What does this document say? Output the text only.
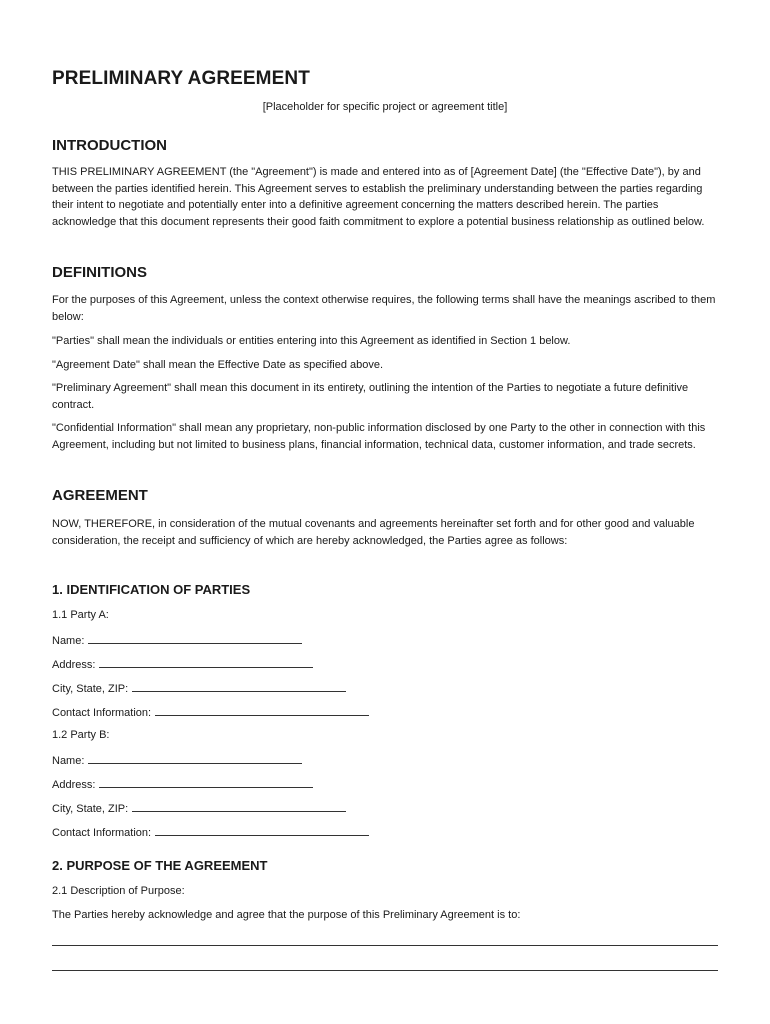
PRELIMINARY AGREEMENT
[Placeholder for specific project or agreement title]
INTRODUCTION

THIS PRELIMINARY AGREEMENT (the "Agreement") is made and entered into as of [Agreement Date] (the "Effective Date"), by and between the parties identified herein. This Agreement serves to establish the preliminary understanding between the parties regarding their intent to negotiate and potentially enter into a definitive agreement concerning the matters described herein. The parties acknowledge that this document represents their good faith commitment to explore a potential business relationship as outlined below.

DEFINITIONS

For the purposes of this Agreement, unless the context otherwise requires, the following terms shall have the meanings ascribed to them below:

"Parties" shall mean the individuals or entities entering into this Agreement as identified in Section 1 below.

"Agreement Date" shall mean the Effective Date as specified above.

"Preliminary Agreement" shall mean this document in its entirety, outlining the intention of the Parties to negotiate a future definitive contract.

"Confidential Information" shall mean any proprietary, non-public information disclosed by one Party to the other in connection with this Agreement, including but not limited to business plans, financial information, technical data, customer information, and trade secrets.

AGREEMENT

NOW, THEREFORE, in consideration of the mutual covenants and agreements hereinafter set forth and for other good and valuable consideration, the receipt and sufficiency of which are hereby acknowledged, the Parties agree as follows:

1. IDENTIFICATION OF PARTIES
1.1 Party A:
Name:
Address:
City, State, ZIP:
Contact Information:
1.2 Party B:
Name:
Address:
City, State, ZIP:
Contact Information:
2. PURPOSE OF THE AGREEMENT
2.1 Description of Purpose:
The Parties hereby acknowledge and agree that the purpose of this Preliminary Agreement is to:
